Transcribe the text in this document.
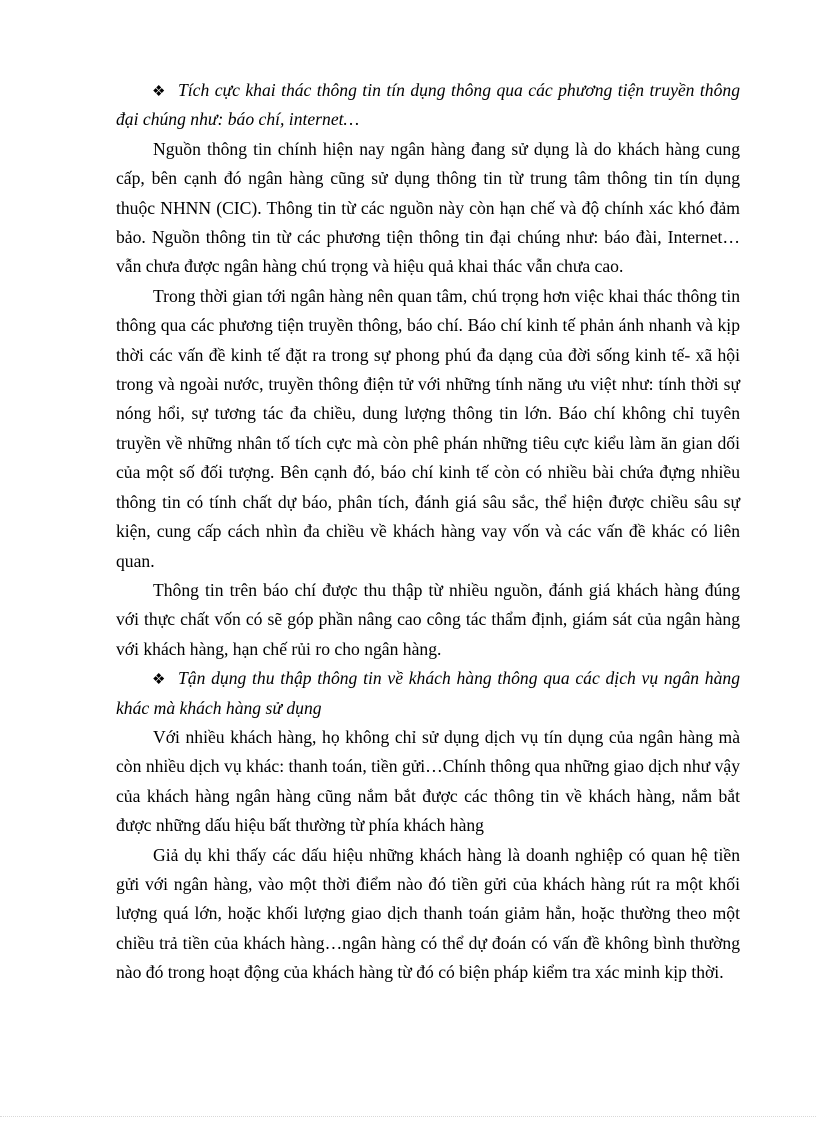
❖ Tích cực khai thác thông tin tín dụng thông qua các phương tiện truyền thông đại chúng như: báo chí, internet…

Nguồn thông tin chính hiện nay ngân hàng đang sử dụng là do khách hàng cung cấp, bên cạnh đó ngân hàng cũng sử dụng thông tin từ trung tâm thông tin tín dụng thuộc NHNN (CIC). Thông tin từ các nguồn này còn hạn chế và độ chính xác khó đảm bảo. Nguồn thông tin từ các phương tiện thông tin đại chúng như: báo đài, Internet…vẫn chưa được ngân hàng chú trọng và hiệu quả khai thác vẫn chưa cao.

Trong thời gian tới ngân hàng nên quan tâm, chú trọng hơn việc khai thác thông tin thông qua các phương tiện truyền thông, báo chí. Báo chí kinh tế phản ánh nhanh và kịp thời các vấn đề kinh tế đặt ra trong sự phong phú đa dạng của đời sống kinh tế- xã hội trong và ngoài nước, truyền thông điện tử với những tính năng ưu việt như: tính thời sự nóng hổi, sự tương tác đa chiều, dung lượng thông tin lớn. Báo chí không chỉ tuyên truyền về những nhân tố tích cực mà còn phê phán những tiêu cực kiểu làm ăn gian dối của một số đối tượng. Bên cạnh đó, báo chí kinh tế còn có nhiều bài chứa đựng nhiều thông tin có tính chất dự báo, phân tích, đánh giá sâu sắc, thể hiện được chiều sâu sự kiện, cung cấp cách nhìn đa chiều về khách hàng vay vốn và các vấn đề khác có liên quan.

Thông tin trên báo chí được thu thập từ nhiều nguồn, đánh giá khách hàng đúng với thực chất vốn có sẽ góp phần nâng cao công tác thẩm định, giám sát của ngân hàng với khách hàng, hạn chế rủi ro cho ngân hàng.

❖ Tận dụng thu thập thông tin về khách hàng thông qua các dịch vụ ngân hàng khác mà khách hàng sử dụng

Với nhiều khách hàng, họ không chỉ sử dụng dịch vụ tín dụng của ngân hàng mà còn nhiều dịch vụ khác: thanh toán, tiền gửi…Chính thông qua những giao dịch như vậy của khách hàng ngân hàng cũng nắm bắt được các thông tin về khách hàng, nắm bắt được những dấu hiệu bất thường từ phía khách hàng

Giả dụ khi thấy các dấu hiệu những khách hàng là doanh nghiệp có quan hệ tiền gửi với ngân hàng, vào một thời điểm nào đó tiền gửi của khách hàng rút ra một khối lượng quá lớn, hoặc khối lượng giao dịch thanh toán giảm hẳn, hoặc thường theo một chiều trả tiền của khách hàng…ngân hàng có thể dự đoán có vấn đề không bình thường nào đó trong hoạt động của khách hàng từ đó có biện pháp kiểm tra xác minh kịp thời.
